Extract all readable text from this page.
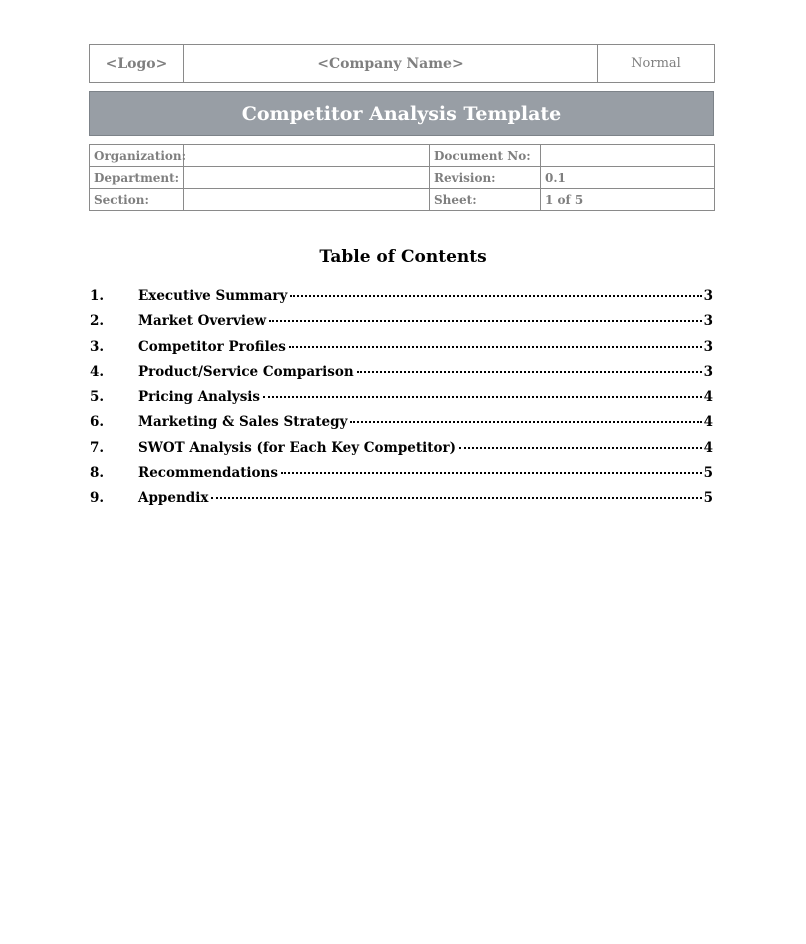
<Logo>	<Company Name>	Normal
Competitor Analysis Template
Organization:		Document No:	
Department:		Revision:	0.1
Section:		Sheet:	1 of 5
Table of Contents
1.	Executive Summary	3
2.	Market Overview	3
3.	Competitor Profiles	3
4.	Product/Service Comparison	3
5.	Pricing Analysis	4
6.	Marketing & Sales Strategy	4
7.	SWOT Analysis (for Each Key Competitor)	4
8.	Recommendations	5
9.	Appendix	5
